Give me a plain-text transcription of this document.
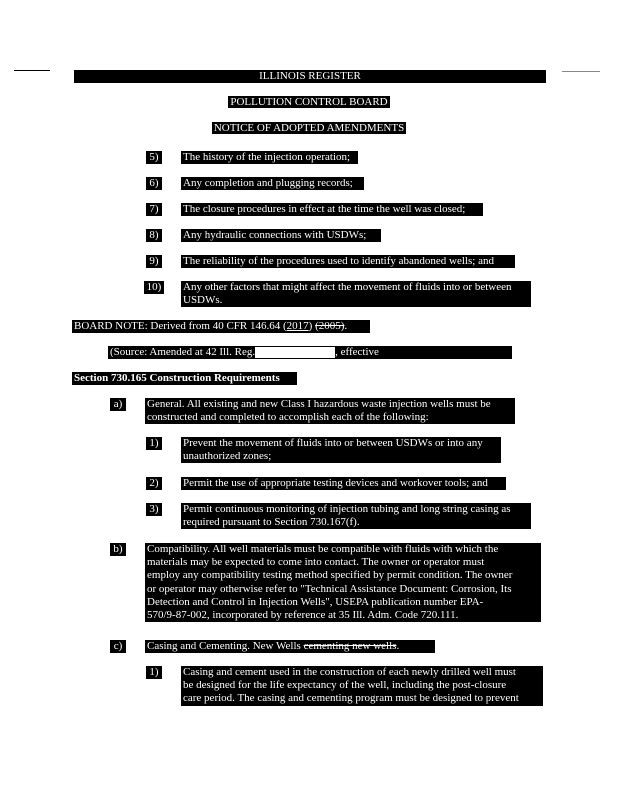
ILLINOIS REGISTER
POLLUTION CONTROL BOARD
NOTICE OF ADOPTED AMENDMENTS
5)	The history of the injection operation;
6)	Any completion and plugging records;
7)	The closure procedures in effect at the time the well was closed;
8)	Any hydraulic connections with USDWs;
9)	The reliability of the procedures used to identify abandoned wells; and
10) Any other factors that might affect the movement of fluids into or between
USDWs.
BOARD NOTE: Derived from 40 CFR 146.64 (2017) (2005).
(Source: Amended at 42 Ill. Reg.	, effective	)
Section 730.165 Construction Requirements
a)	General. All existing and new Class I hazardous waste injection wells must be
constructed and completed to accomplish each of the following:
1)	Prevent the movement of fluids into or between USDWs or into any
unauthorized zones;
2)	Permit the use of appropriate testing devices and workover tools; and
3)	Permit continuous monitoring of injection tubing and long string casing as
required pursuant to Section 730.167(f).
b)	Compatibility. All well materials must be compatible with fluids with which the
materials may be expected to come into contact. The owner or operator must
employ any compatibility testing method specified by permit condition. The owner
or operator may otherwise refer to "Technical Assistance Document: Corrosion, Its
Detection and Control in Injection Wells", USEPA publication number EPA-
570/9-87-002, incorporated by reference at 35 Ill. Adm. Code 720.111.
c)	Casing and Cementing. New Wells cementing new wells.
1)	Casing and cement used in the construction of each newly drilled well must
be designed for the life expectancy of the well, including the post-closure
care period. The casing and cementing program must be designed to prevent
